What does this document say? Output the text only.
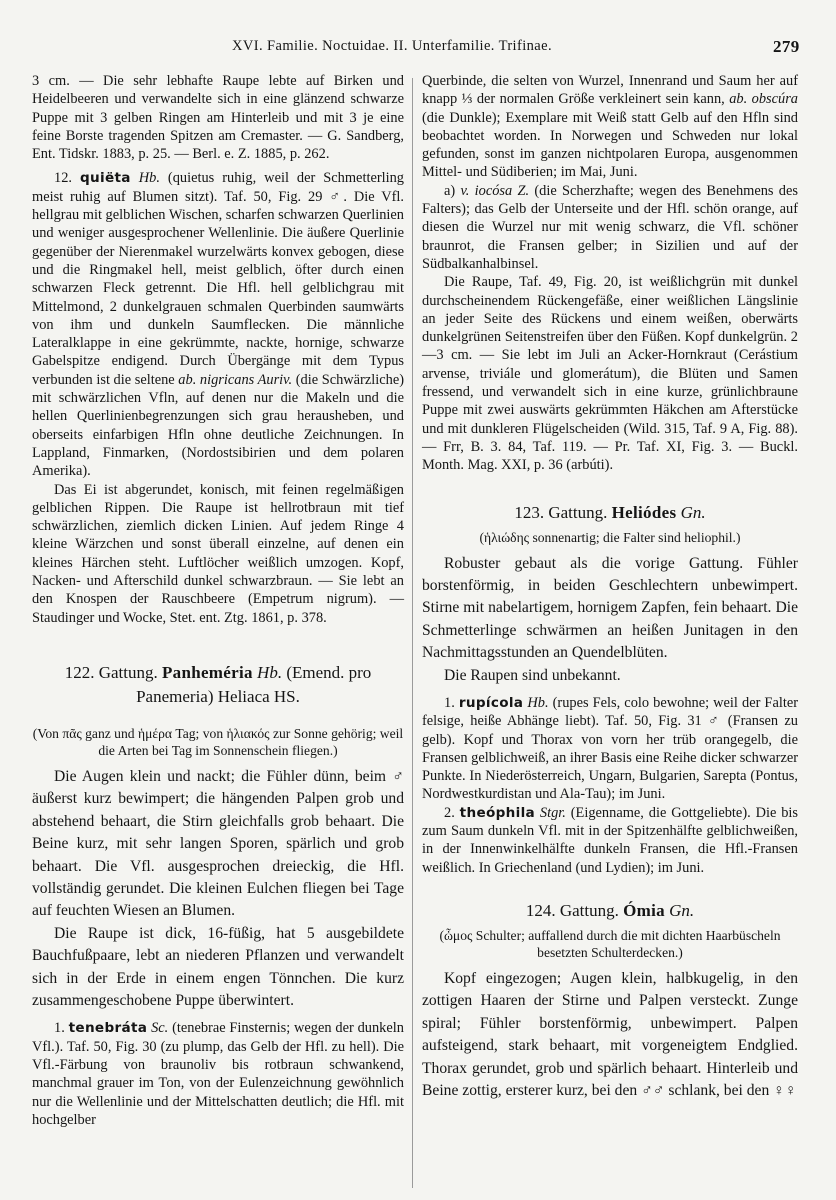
XVI. Familie. Noctuidae. II. Unterfamilie. Trifinae.	279

3 cm. — Die sehr lebhafte Raupe lebte auf Birken und Heidelbeeren und verwandelte sich in eine glänzend schwarze Puppe mit 3 gelben Ringen am Hinterleib und mit 3 je eine feine Borste tragenden Spitzen am Cremaster. — G. Sandberg, Ent. Tidskr. 1883, p. 25. — Berl. e. Z. 1885, p. 262.

12. quiëta Hb. (quietus ruhig, weil der Schmetterling meist ruhig auf Blumen sitzt). Taf. 50, Fig. 29 ♂. Die Vfl. hellgrau mit gelblichen Wischen, scharfen schwarzen Querlinien und weniger ausgesprochener Wellenlinie. Die äußere Querlinie gegenüber der Nierenmakel wurzelwärts konvex gebogen, diese und die Ringmakel hell, meist gelblich, öfter durch einen schwarzen Fleck getrennt. Die Hfl. hell gelblichgrau mit Mittelmond, 2 dunkelgrauen schmalen Querbinden saumwärts von ihm und dunkeln Saumflecken. Die männliche Lateralklappe in eine gekrümmte, nackte, hornige, schwarze Gabelspitze endigend. Durch Übergänge mit dem Typus verbunden ist die seltene ab. nigricans Auriv. (die Schwärzliche) mit schwärzlichen Vfln, auf denen nur die Makeln und die hellen Querlinienbegrenzungen sich grau herausheben, und oberseits einfarbigen Hfln ohne deutliche Zeichnungen. In Lappland, Finmarken, (Nordostsibirien und dem polaren Amerika).

Das Ei ist abgerundet, konisch, mit feinen regelmäßigen gelblichen Rippen. Die Raupe ist hellrotbraun mit tief schwärzlichen, ziemlich dicken Linien. Auf jedem Ringe 4 kleine Wärzchen und sonst überall einzelne, auf denen ein kleines Härchen steht. Luftlöcher weißlich umzogen. Kopf, Nacken- und Afterschild dunkel schwarzbraun. — Sie lebt an den Knospen der Rauschbeere (Empetrum nigrum). — Staudinger und Wocke, Stet. ent. Ztg. 1861, p. 378.

122. Gattung. Panheméria Hb. (Emend. pro Panemeria) Heliaca HS.

(Von πᾶς ganz und ἡμέρα Tag; von ἡλιακός zur Sonne gehörig; weil die Arten bei Tag im Sonnenschein fliegen.)

Die Augen klein und nackt; die Fühler dünn, beim ♂ äußerst kurz bewimpert; die hängenden Palpen grob und abstehend behaart, die Stirn gleichfalls grob behaart. Die Beine kurz, mit sehr langen Sporen, spärlich und grob behaart. Die Vfl. ausgesprochen dreieckig, die Hfl. vollständig gerundet. Die kleinen Eulchen fliegen bei Tage auf feuchten Wiesen an Blumen.

Die Raupe ist dick, 16-füßig, hat 5 ausgebildete Bauchfußpaare, lebt an niederen Pflanzen und verwandelt sich in der Erde in einem engen Tönnchen. Die kurz zusammengeschobene Puppe überwintert.

1. tenebráta Sc. (tenebrae Finsternis; wegen der dunkeln Vfl.). Taf. 50, Fig. 30 (zu plump, das Gelb der Hfl. zu hell). Die Vfl.-Färbung von braunoliv bis rotbraun schwankend, manchmal grauer im Ton, von der Eulenzeichnung gewöhnlich nur die Wellenlinie und der Mittelschatten deutlich; die Hfl. mit hochgelber

Querbinde, die selten von Wurzel, Innenrand und Saum her auf knapp ⅓ der normalen Größe verkleinert sein kann, ab. obscúra (die Dunkle); Exemplare mit Weiß statt Gelb auf den Hfln sind beobachtet worden. In Norwegen und Schweden nur lokal gefunden, sonst im ganzen nichtpolaren Europa, ausgenommen Mittel- und Südiberien; im Mai, Juni.

a) v. iocósa Z. (die Scherzhafte; wegen des Benehmens des Falters); das Gelb der Unterseite und der Hfl. schön orange, auf diesen die Wurzel nur mit wenig schwarz, die Vfl. schöner braunrot, die Fransen gelber; in Sizilien und auf der Südbalkanhalbinsel.

Die Raupe, Taf. 49, Fig. 20, ist weißlichgrün mit dunkel durchscheinendem Rückengefäße, einer weißlichen Längslinie an jeder Seite des Rückens und einem weißen, oberwärts dunkelgrünen Seitenstreifen über den Füßen. Kopf dunkelgrün. 2—3 cm. — Sie lebt im Juli an Acker-Hornkraut (Cerástium arvense, triviále und glomerátum), die Blüten und Samen fressend, und verwandelt sich in eine kurze, grünlichbraune Puppe mit zwei auswärts gekrümmten Häkchen am Afterstücke und mit dunkleren Flügelscheiden (Wild. 315, Taf. 9 A, Fig. 88). — Frr, B. 3. 84, Taf. 119. — Pr. Taf. XI, Fig. 3. — Buckl. Month. Mag. XXI, p. 36 (arbúti).

123. Gattung. Heliódes Gn.

(ἡλιώδης sonnenartig; die Falter sind heliophil.)

Robuster gebaut als die vorige Gattung. Fühler borstenförmig, in beiden Geschlechtern unbewimpert. Stirne mit nabelartigem, hornigem Zapfen, fein behaart. Die Schmetterlinge schwärmen an heißen Junitagen in den Nachmittagsstunden an Quendelblüten.

Die Raupen sind unbekannt.

1. rupícola Hb. (rupes Fels, colo bewohne; weil der Falter felsige, heiße Abhänge liebt). Taf. 50, Fig. 31 ♂ (Fransen zu gelb). Kopf und Thorax von vorn her trüb orangegelb, die Fransen gelblichweiß, an ihrer Basis eine Reihe dicker schwarzer Punkte. In Niederösterreich, Ungarn, Bulgarien, Sarepta (Pontus, Nordwestkurdistan und Ala-Tau); im Juni.

2. theóphila Stgr. (Eigenname, die Gottgeliebte). Die bis zum Saum dunkeln Vfl. mit in der Spitzenhälfte gelblichweißen, in der Innenwinkelhälfte dunkeln Fransen, die Hfl.-Fransen weißlich. In Griechenland (und Lydien); im Juni.

124. Gattung. Ómia Gn.

(ὦμος Schulter; auffallend durch die mit dichten Haarbüscheln besetzten Schulterdecken.)

Kopf eingezogen; Augen klein, halbkugelig, in den zottigen Haaren der Stirne und Palpen versteckt. Zunge spiral; Fühler borstenförmig, unbewimpert. Palpen aufsteigend, stark behaart, mit vorgeneigtem Endglied. Thorax gerundet, grob und spärlich behaart. Hinterleib und Beine zottig, ersterer kurz, bei den ♂♂ schlank, bei den ♀♀
